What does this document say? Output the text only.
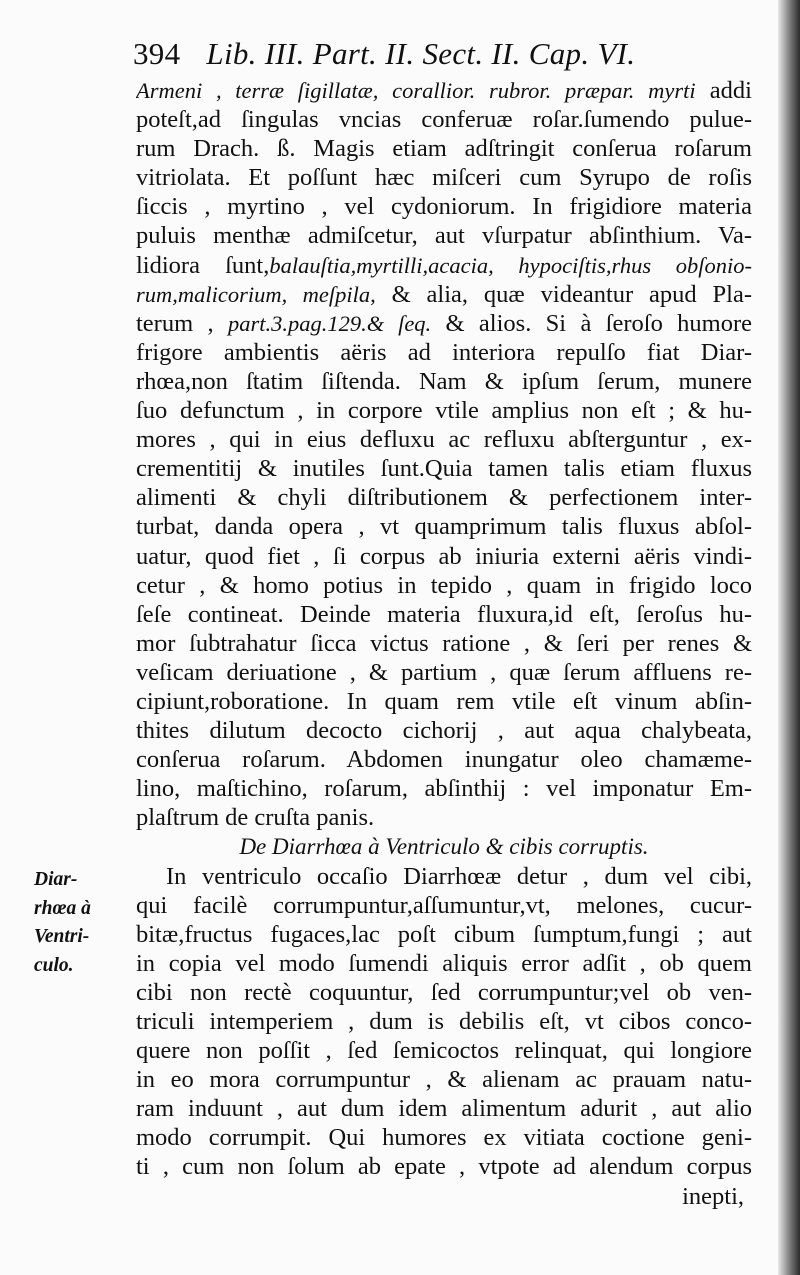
394 Lib. III. Part. II. Sect. II. Cap. VI.
Diar-
rhœa à
Ventri-
culo.
Armeni , terræ ſigillatæ, corallior. rubror. præpar. myrti addi
poteſt,ad ſingulas vncias conferuæ roſar.ſumendo pulue-
rum Drach. ß. Magis etiam adſtringit conſerua roſarum
vitriolata. Et poſſunt hæc miſceri cum Syrupo de roſis
ſiccis , myrtino , vel cydoniorum. In frigidiore materia
puluis menthæ admiſcetur, aut vſurpatur abſinthium. Va-
lidiora ſunt,balauſtia,myrtilli,acacia, hypociſtis,rhus obſonio-
rum,malicorium, meſpila, & alia, quæ videantur apud Pla-
terum , part.3.pag.129.& ſeq. & alios. Si à ſeroſo humore
frigore ambientis aëris ad interiora repulſo fiat Diar-
rhœa,non ſtatim ſiſtenda. Nam & ipſum ſerum, munere
ſuo defunctum , in corpore vtile amplius non eſt ; & hu-
mores , qui in eius defluxu ac refluxu abſterguntur , ex-
crementitij & inutiles ſunt.Quia tamen talis etiam fluxus
alimenti & chyli diſtributionem & perfectionem inter-
turbat, danda opera , vt quamprimum talis fluxus abſol-
uatur, quod fiet , ſi corpus ab iniuria externi aëris vindi-
cetur , & homo potius in tepido , quam in frigido loco
ſeſe contineat. Deinde materia fluxura,id eſt, ſeroſus hu-
mor ſubtrahatur ſicca victus ratione , & ſeri per renes &
veſicam deriuatione , & partium , quæ ſerum affluens re-
cipiunt,roboratione. In quam rem vtile eſt vinum abſin-
thites dilutum decocto cichorij , aut aqua chalybeata,
conſerua roſarum. Abdomen inungatur oleo chamæme-
lino, maſtichino, roſarum, abſinthij : vel imponatur Em-
plaſtrum de cruſta panis.
De Diarrhœa à Ventriculo & cibis corruptis.
In ventriculo occaſio Diarrhœæ detur , dum vel cibi,
qui facilè corrumpuntur,aſſumuntur,vt, melones, cucur-
bitæ,fructus fugaces,lac poſt cibum ſumptum,fungi ; aut
in copia vel modo ſumendi aliquis error adſit , ob quem
cibi non rectè coquuntur, ſed corrumpuntur;vel ob ven-
triculi intemperiem , dum is debilis eſt, vt cibos conco-
quere non poſſit , ſed ſemicoctos relinquat, qui longiore
in eo mora corrumpuntur , & alienam ac prauam natu-
ram induunt , aut dum idem alimentum adurit , aut alio
modo corrumpit. Qui humores ex vitiata coctione geni-
ti , cum non ſolum ab epate , vtpote ad alendum corpus
inepti,
